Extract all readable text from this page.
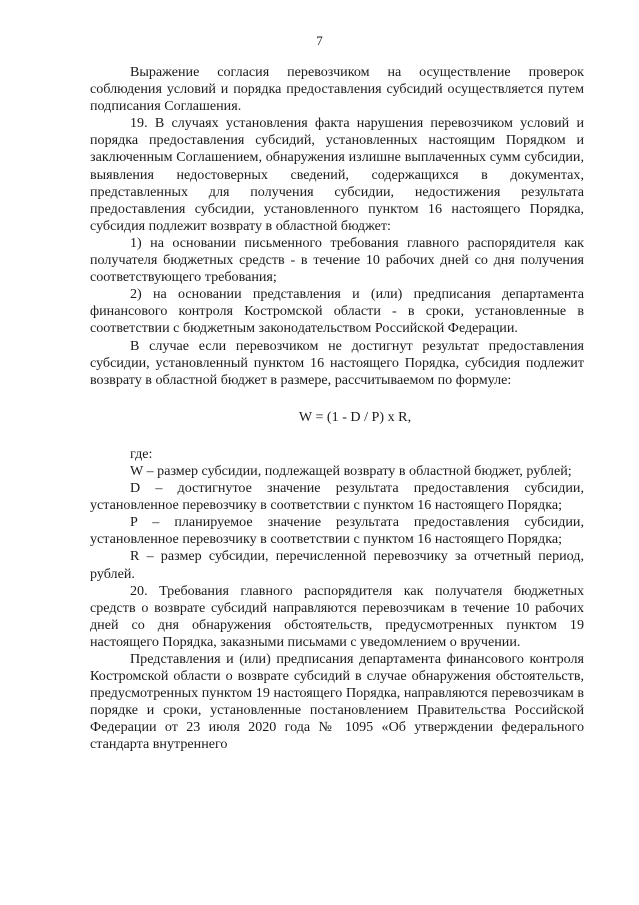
7

Выражение согласия перевозчиком на осуществление проверок соблюдения условий и порядка предоставления субсидий осуществляется путем подписания Соглашения.

19. В случаях установления факта нарушения перевозчиком условий и порядка предоставления субсидий, установленных настоящим Порядком и заключенным Соглашением, обнаружения излишне выплаченных сумм субсидии, выявления недостоверных сведений, содержащихся в документах, представленных для получения субсидии, недостижения результата предоставления субсидии, установленного пунктом 16 настоящего Порядка, субсидия подлежит возврату в областной бюджет:

1) на основании письменного требования главного распорядителя как получателя бюджетных средств - в течение 10 рабочих дней со дня получения соответствующего требования;

2) на основании представления и (или) предписания департамента финансового контроля Костромской области - в сроки, установленные в соответствии с бюджетным законодательством Российской Федерации.

В случае если перевозчиком не достигнут результат предоставления субсидии, установленный пунктом 16 настоящего Порядка, субсидия подлежит возврату в областной бюджет в размере, рассчитываемом по формуле:

W = (1 - D / P) x R,

где:

W – размер субсидии, подлежащей возврату в областной бюджет, рублей;

D – достигнутое значение результата предоставления субсидии, установленное перевозчику в соответствии с пунктом 16 настоящего Порядка;

P – планируемое значение результата предоставления субсидии, установленное перевозчику в соответствии с пунктом 16 настоящего Порядка;

R – размер субсидии, перечисленной перевозчику за отчетный период, рублей.

20. Требования главного распорядителя как получателя бюджетных средств о возврате субсидий направляются перевозчикам в течение 10 рабочих дней со дня обнаружения обстоятельств, предусмотренных пунктом 19 настоящего Порядка, заказными письмами с уведомлением о вручении.

Представления и (или) предписания департамента финансового контроля Костромской области о возврате субсидий в случае обнаружения обстоятельств, предусмотренных пунктом 19 настоящего Порядка, направляются перевозчикам в порядке и сроки, установленные постановлением Правительства Российской Федерации от 23 июля 2020 года № 1095 «Об утверждении федерального стандарта внутреннего
